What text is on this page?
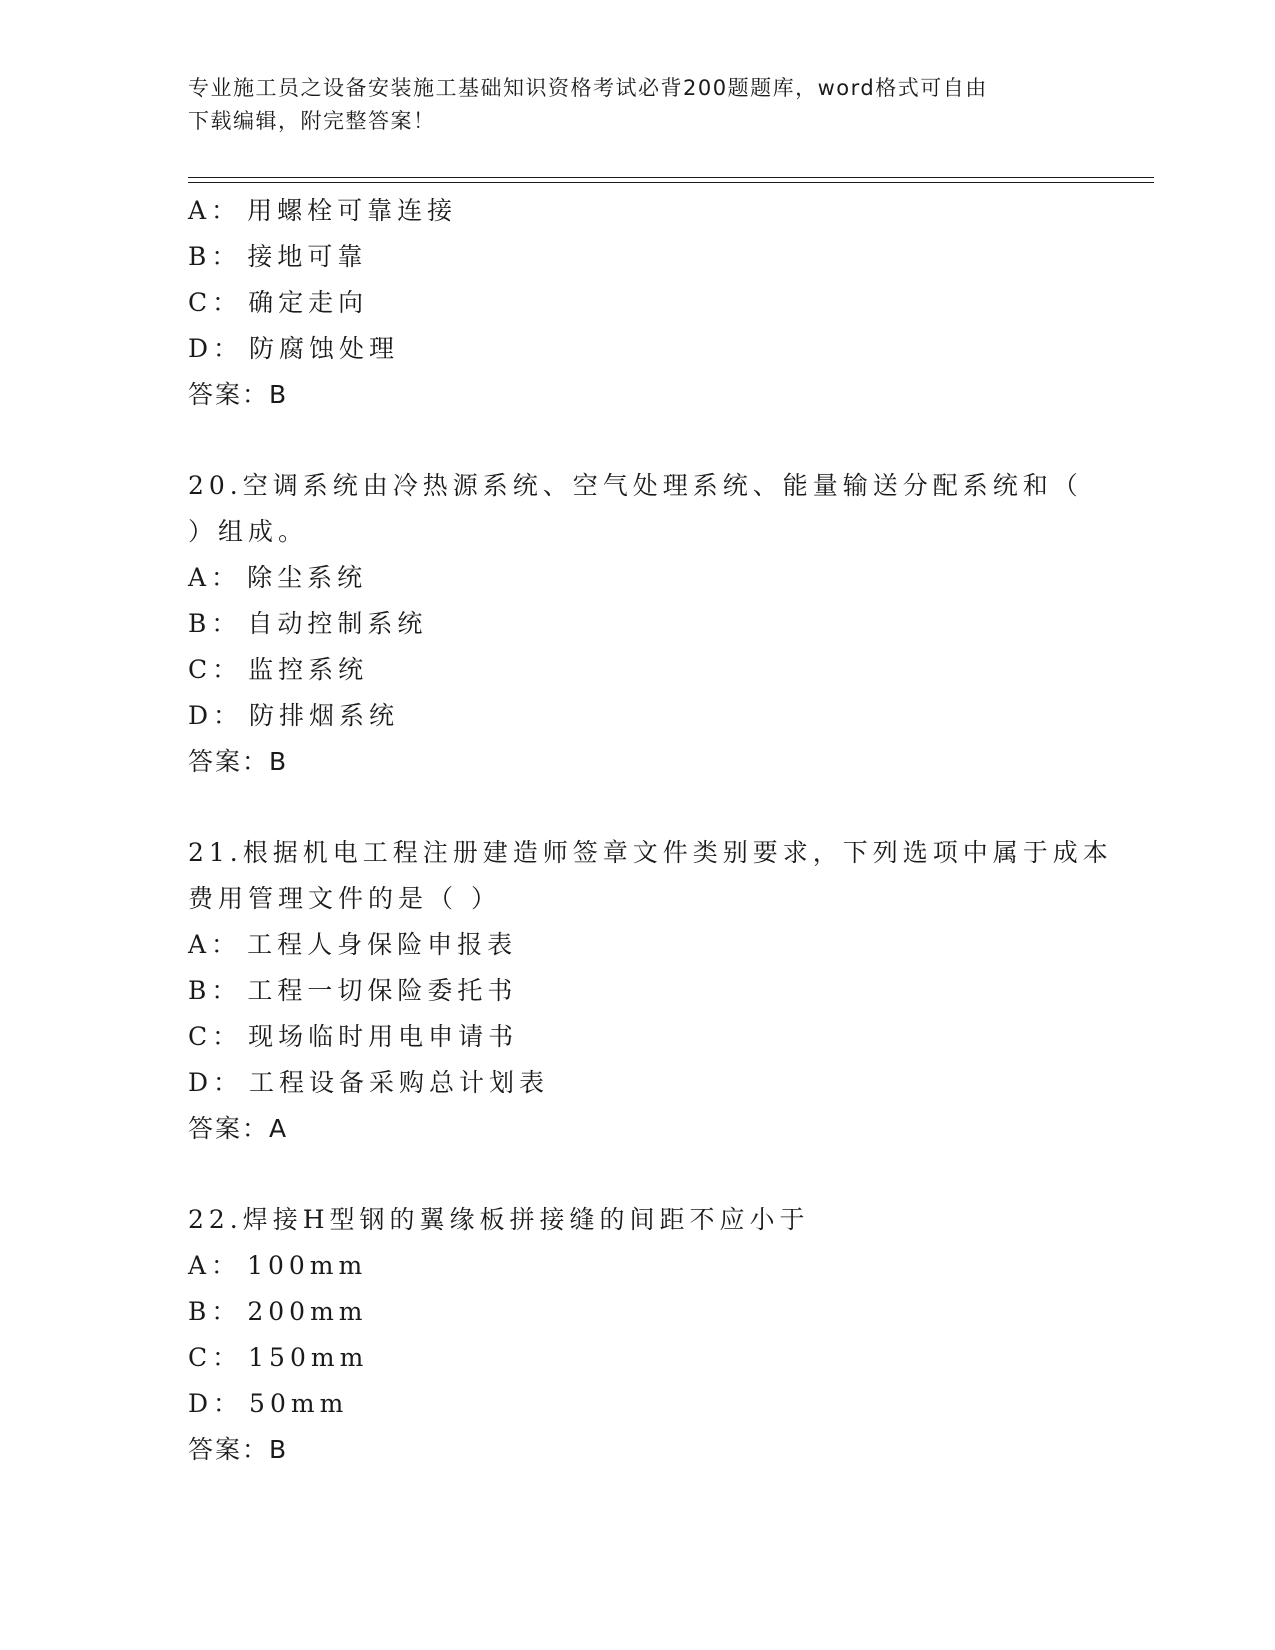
专业施工员之设备安装施工基础知识资格考试必背200题题库，word格式可自由
下载编辑，附完整答案！
A： 用螺栓可靠连接
B： 接地可靠
C： 确定走向
D： 防腐蚀处理
答案：B
20.空调系统由冷热源系统、空气处理系统、能量输送分配系统和（
）组成。
A： 除尘系统
B： 自动控制系统
C： 监控系统
D： 防排烟系统
答案：B
21.根据机电工程注册建造师签章文件类别要求，下列选项中属于成本
费用管理文件的是（ ）
A： 工程人身保险申报表
B： 工程一切保险委托书
C： 现场临时用电申请书
D： 工程设备采购总计划表
答案：A
22.焊接H型钢的翼缘板拼接缝的间距不应小于
A： 100mm
B： 200mm
C： 150mm
D： 50mm
答案：B
